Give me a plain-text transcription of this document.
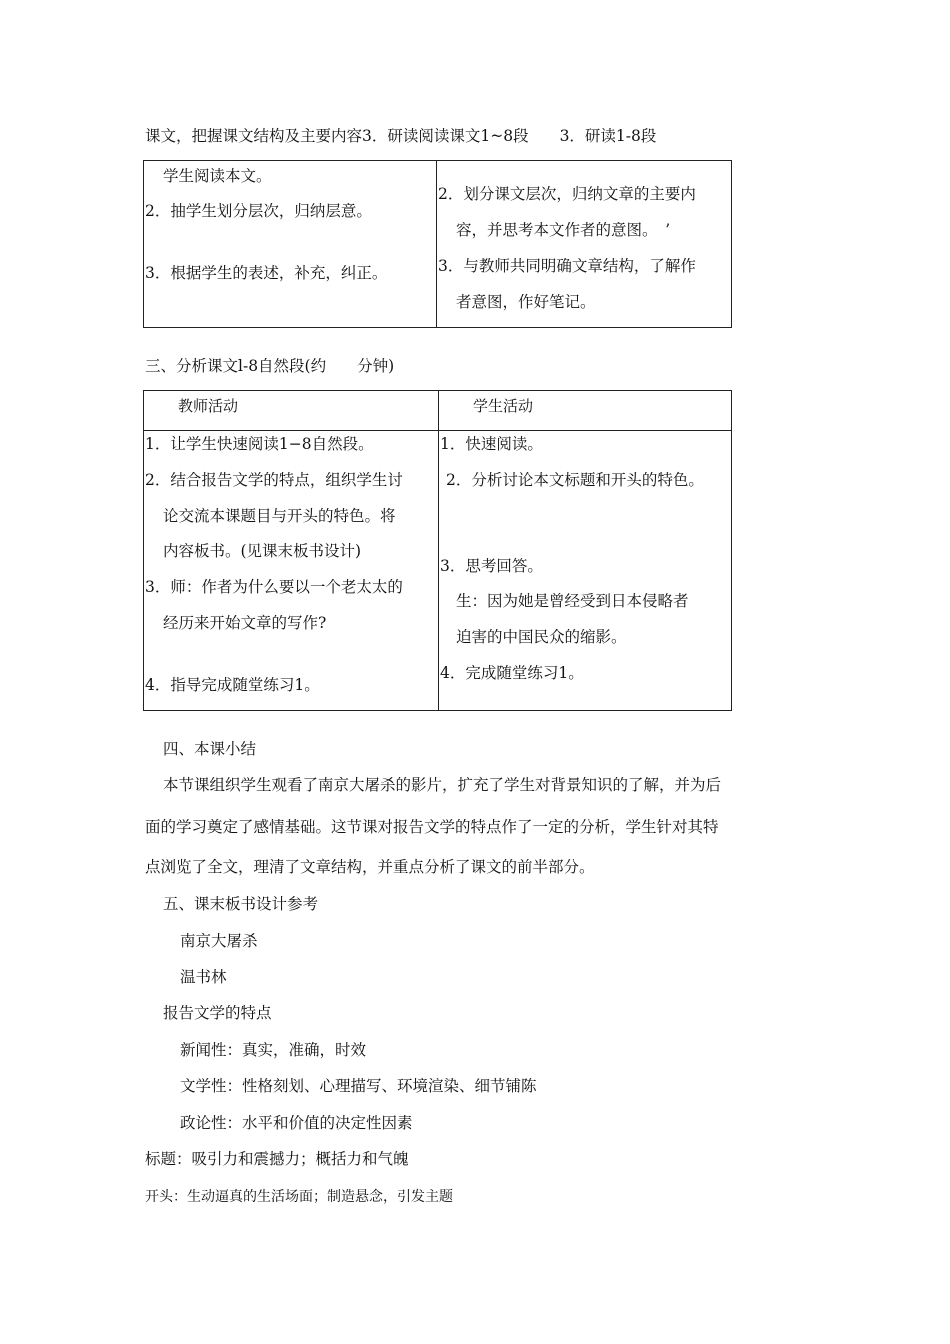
课文，把握课文结构及主要内容3．研读阅读课文1~8段　　3．研读1-8段
学生阅读本文。
2．抽学生划分层次，归纳层意。
3．根据学生的表述，补充，纠正。
2．划分课文层次，归纳文章的主要内
容，并思考本文作者的意图。　’
3．与教师共同明确文章结构，了解作
者意图，作好笔记。
三、分析课文l-8自然段(约　　分钟)
教师活动	学生活动
1．让学生快速阅读1−8自然段。
2．结合报告文学的特点，组织学生讨
论交流本课题目与开头的特色。将
内容板书。(见课末板书设计)
3．师：作者为什么要以一个老太太的
经历来开始文章的写作?
4．指导完成随堂练习1。
1．快速阅读。
2．分析讨论本文标题和开头的特色。
3．思考回答。
生：因为她是曾经受到日本侵略者
迫害的中国民众的缩影。
4．完成随堂练习1。
四、本课小结
本节课组织学生观看了南京大屠杀的影片，扩充了学生对背景知识的了解，并为后
面的学习奠定了感情基础。这节课对报告文学的特点作了一定的分析，学生针对其特
点浏览了全文，理清了文章结构，并重点分析了课文的前半部分。
五、课末板书设计参考
南京大屠杀
温书林
报告文学的特点
新闻性：真实，准确，时效
文学性：性格刻划、心理描写、环境渲染、细节铺陈
政论性：水平和价值的决定性因素
标题：吸引力和震撼力；概括力和气魄
开头：生动逼真的生活场面；制造悬念，引发主题
